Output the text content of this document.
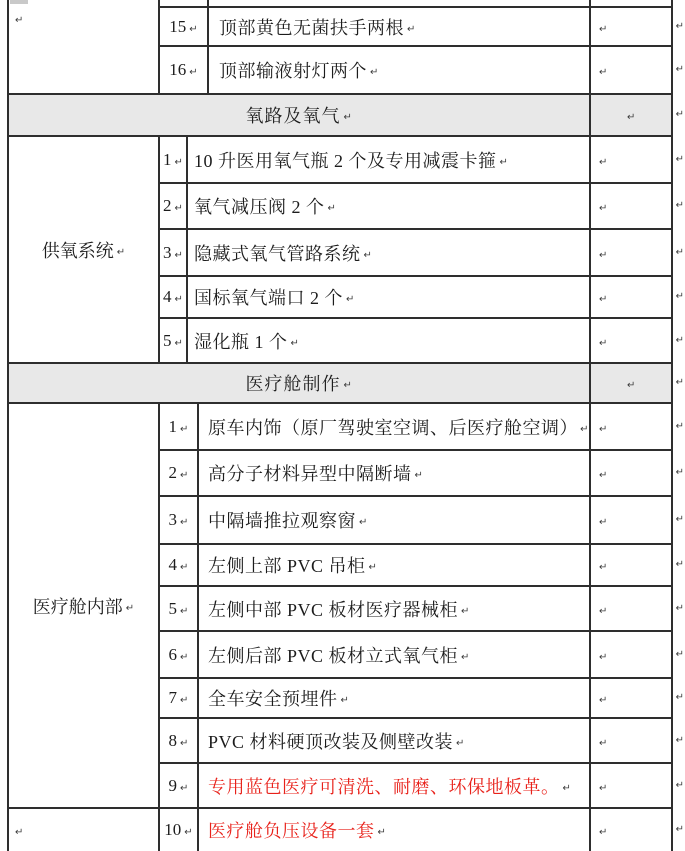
↵	15 ↵ 顶部黄色无菌扶手两根 ↵	↵	↵
16 ↵ 顶部输液射灯两个 ↵	↵	↵
氧路及氧气 ↵	↵	↵
供氧系统 ↵
1 ↵ 10 升医用氧气瓶 2 个及专用减震卡箍 ↵	↵	↵
2 ↵ 氧气减压阀 2 个 ↵	↵	↵
3 ↵ 隐藏式氧气管路系统 ↵	↵	↵
4 ↵ 国标氧气端口 2 个 ↵	↵	↵
5 ↵ 湿化瓶 1 个 ↵	↵	↵
医疗舱制作 ↵	↵	↵
医疗舱内部 ↵
1 ↵ 原车内饰（原厂驾驶室空调、后医疗舱空调） ↵ ↵	↵
2 ↵ 高分子材料异型中隔断墙 ↵	↵	↵
3 ↵ 中隔墙推拉观察窗 ↵	↵	↵
4 ↵ 左侧上部 PVC 吊柜 ↵	↵	↵
5 ↵ 左侧中部 PVC 板材医疗器械柜 ↵	↵	↵
6 ↵ 左侧后部 PVC 板材立式氧气柜 ↵	↵	↵
7 ↵ 全车安全预埋件 ↵	↵	↵
8 ↵ PVC 材料硬顶改装及侧壁改装 ↵	↵	↵
9 ↵ 专用蓝色医疗可清洗、耐磨、环保地板革。 ↵	↵	↵
↵	10 ↵ 医疗舱负压设备一套 ↵	↵	↵
